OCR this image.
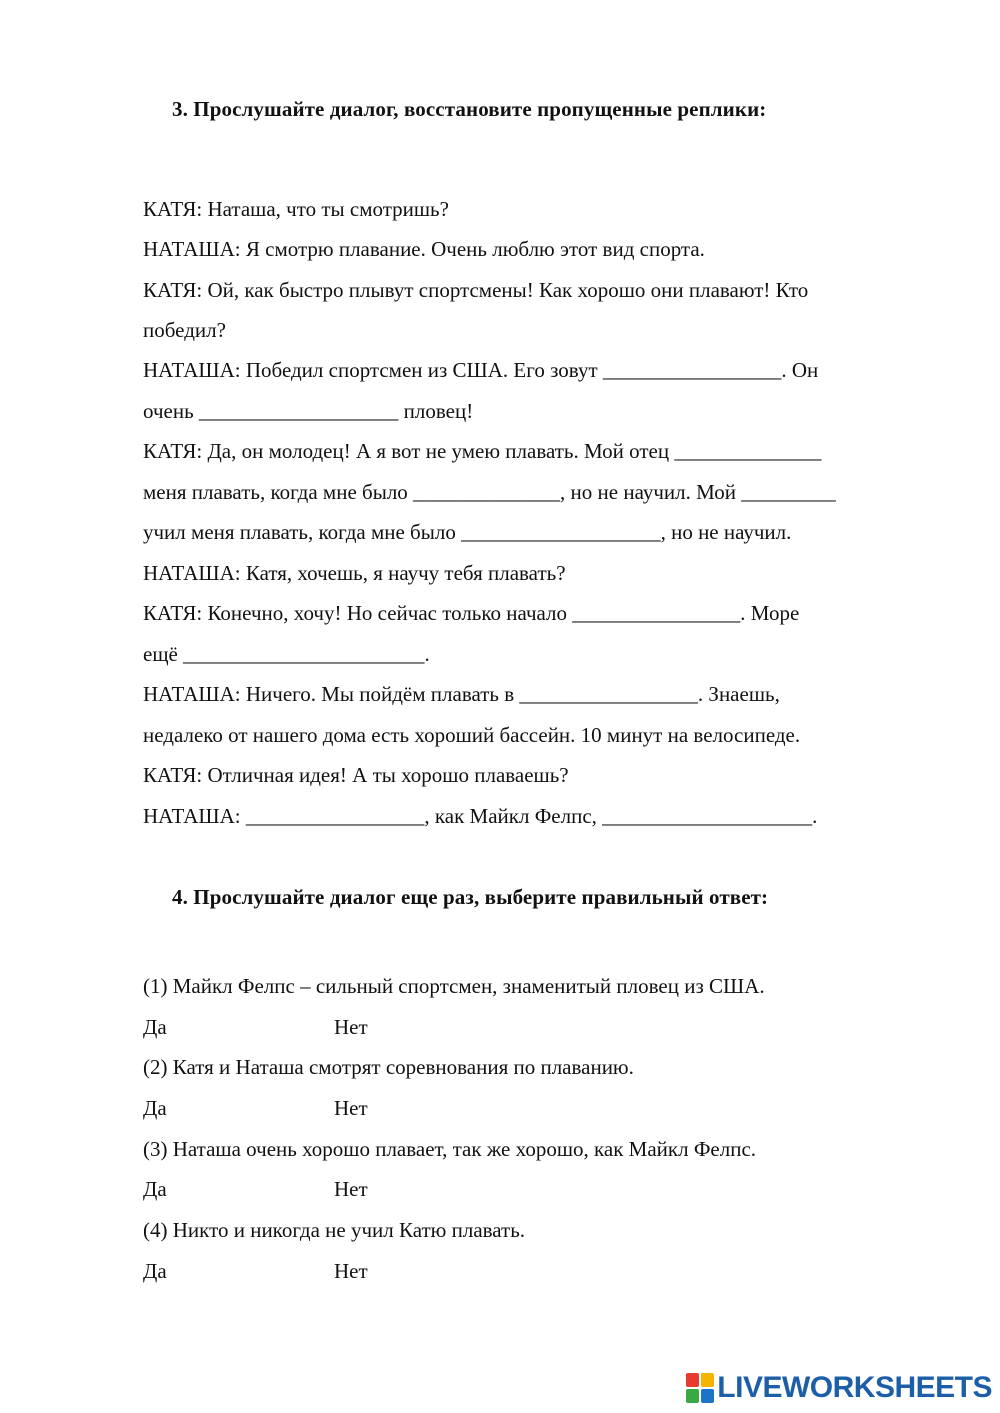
3. Прослушайте диалог, восстановите пропущенные реплики:
КАТЯ: Наташа, что ты смотришь?
НАТАША: Я смотрю плавание. Очень люблю этот вид спорта.
КАТЯ: Ой, как быстро плывут спортсмены! Как хорошо они плавают! Кто
победил?
НАТАША: Победил спортсмен из США. Его зовут _________________. Он
очень ___________________ пловец!
КАТЯ: Да, он молодец! А я вот не умею плавать. Мой отец ______________
меня плавать, когда мне было ______________, но не научил. Мой _________
учил меня плавать, когда мне было ___________________, но не научил.
НАТАША: Катя, хочешь, я научу тебя плавать?
КАТЯ: Конечно, хочу! Но сейчас только начало ________________. Море
ещё _______________________.
НАТАША: Ничего. Мы пойдём плавать в _________________. Знаешь,
недалеко от нашего дома есть хороший бассейн. 10 минут на велосипеде.
КАТЯ: Отличная идея! А ты хорошо плаваешь?
НАТАША: _________________, как Майкл Фелпс, ____________________.
4. Прослушайте диалог еще раз, выберите правильный ответ:
(1) Майкл Фелпс – сильный спортсмен, знаменитый пловец из США.
Да	Нет
(2) Катя и Наташа смотрят соревнования по плаванию.
Да	Нет
(3) Наташа очень хорошо плавает, так же хорошо, как Майкл Фелпс.
Да	Нет
(4) Никто и никогда не учил Катю плавать.
Да	Нет
LIVEWORKSHEETS
